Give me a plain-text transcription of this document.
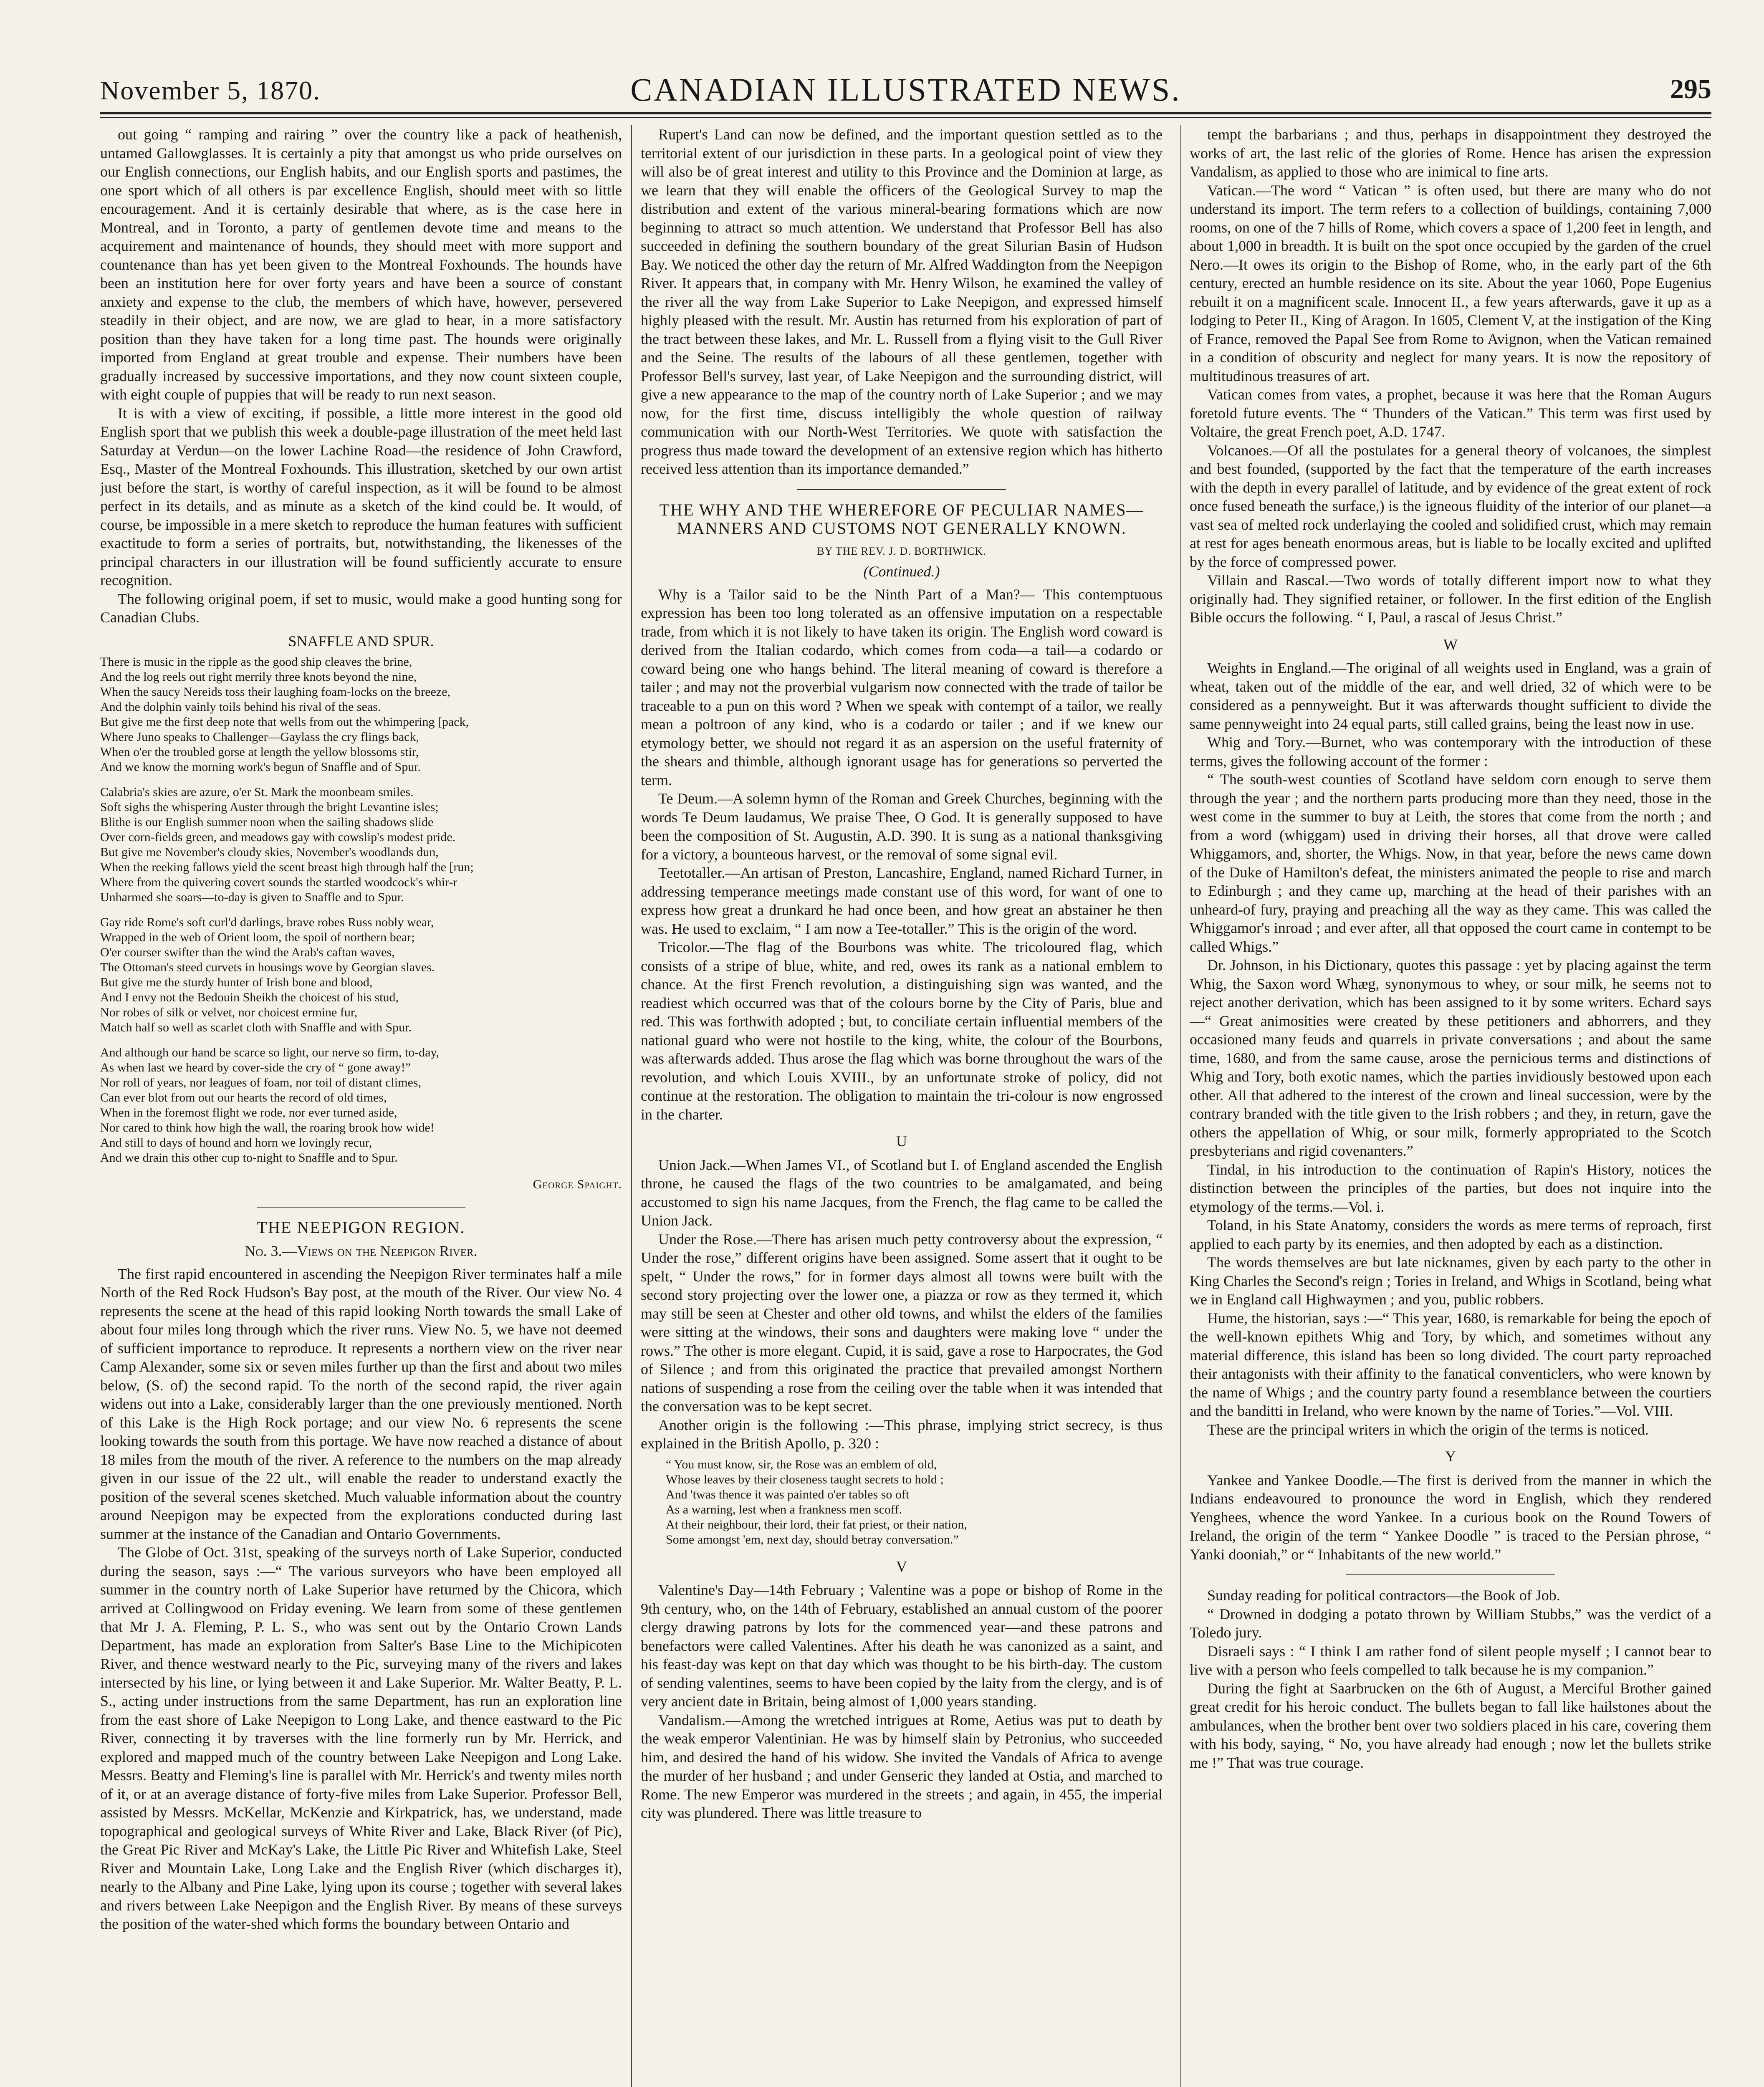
November 5, 1870.	CANADIAN ILLUSTRATED NEWS.	295

out going “ ramping and rairing ” over the country like a pack of heathenish, untamed Gallowglasses. It is certainly a pity that amongst us who pride ourselves on our English connections, our English habits, and our English sports and pastimes, the one sport which of all others is par excellence English, should meet with so little encouragement. And it is certainly desirable that where, as is the case here in Montreal, and in Toronto, a party of gentlemen devote time and means to the acquirement and maintenance of hounds, they should meet with more support and countenance than has yet been given to the Montreal Foxhounds. The hounds have been an institution here for over forty years and have been a source of constant anxiety and expense to the club, the members of which have, however, persevered steadily in their object, and are now, we are glad to hear, in a more satisfactory position than they have taken for a long time past. The hounds were originally imported from England at great trouble and expense. Their numbers have been gradually increased by successive importations, and they now count sixteen couple, with eight couple of puppies that will be ready to run next season.

It is with a view of exciting, if possible, a little more interest in the good old English sport that we publish this week a double-page illustration of the meet held last Saturday at Verdun—on the lower Lachine Road—the residence of John Crawford, Esq., Master of the Montreal Foxhounds. This illustration, sketched by our own artist just before the start, is worthy of careful inspection, as it will be found to be almost perfect in its details, and as minute as a sketch of the kind could be. It would, of course, be impossible in a mere sketch to reproduce the human features with sufficient exactitude to form a series of portraits, but, notwithstanding, the likenesses of the principal characters in our illustration will be found sufficiently accurate to ensure recognition.

The following original poem, if set to music, would make a good hunting song for Canadian Clubs.

SNAFFLE AND SPUR.
There is music in the ripple as the good ship cleaves the brine,
And the log reels out right merrily three knots beyond the nine,
When the saucy Nereids toss their laughing foam-locks on the breeze,
And the dolphin vainly toils behind his rival of the seas.
But give me the first deep note that wells from out the whimpering [pack,
Where Juno speaks to Challenger—Gaylass the cry flings back,
When o'er the troubled gorse at length the yellow blossoms stir,
And we know the morning work's begun of Snaffle and of Spur.
Calabria's skies are azure, o'er St. Mark the moonbeam smiles.
Soft sighs the whispering Auster through the bright Levantine isles;
Blithe is our English summer noon when the sailing shadows slide
Over corn-fields green, and meadows gay with cowslip's modest pride.
But give me November's cloudy skies, November's woodlands dun,
When the reeking fallows yield the scent breast high through half the [run;
Where from the quivering covert sounds the startled woodcock's whir-r
Unharmed she soars—to-day is given to Snaffle and to Spur.
Gay ride Rome's soft curl'd darlings, brave robes Russ nobly wear,
Wrapped in the web of Orient loom, the spoil of northern bear;
O'er courser swifter than the wind the Arab's caftan waves,
The Ottoman's steed curvets in housings wove by Georgian slaves.
But give me the sturdy hunter of Irish bone and blood,
And I envy not the Bedouin Sheikh the choicest of his stud,
Nor robes of silk or velvet, nor choicest ermine fur,
Match half so well as scarlet cloth with Snaffle and with Spur.
And although our hand be scarce so light, our nerve so firm, to-day,
As when last we heard by cover-side the cry of “ gone away!”
Nor roll of years, nor leagues of foam, nor toil of distant climes,
Can ever blot from out our hearts the record of old times,
When in the foremost flight we rode, nor ever turned aside,
Nor cared to think how high the wall, the roaring brook how wide!
And still to days of hound and horn we lovingly recur,
And we drain this other cup to-night to Snaffle and to Spur.
George Spaight.
THE NEEPIGON REGION.
No. 3.—Views on the Neepigon River.

The first rapid encountered in ascending the Neepigon River terminates half a mile North of the Red Rock Hudson's Bay post, at the mouth of the River. Our view No. 4 represents the scene at the head of this rapid looking North towards the small Lake of about four miles long through which the river runs. View No. 5, we have not deemed of sufficient importance to reproduce. It represents a northern view on the river near Camp Alexander, some six or seven miles further up than the first and about two miles below, (S. of) the second rapid. To the north of the second rapid, the river again widens out into a Lake, considerably larger than the one previously mentioned. North of this Lake is the High Rock portage; and our view No. 6 represents the scene looking towards the south from this portage. We have now reached a distance of about 18 miles from the mouth of the river. A reference to the numbers on the map already given in our issue of the 22 ult., will enable the reader to understand exactly the position of the several scenes sketched. Much valuable information about the country around Neepigon may be expected from the explorations conducted during last summer at the instance of the Canadian and Ontario Governments.

The Globe of Oct. 31st, speaking of the surveys north of Lake Superior, conducted during the season, says :—“ The various surveyors who have been employed all summer in the country north of Lake Superior have returned by the Chicora, which arrived at Collingwood on Friday evening. We learn from some of these gentlemen that Mr J. A. Fleming, P. L. S., who was sent out by the Ontario Crown Lands Department, has made an exploration from Salter's Base Line to the Michipicoten River, and thence westward nearly to the Pic, surveying many of the rivers and lakes intersected by his line, or lying between it and Lake Superior. Mr. Walter Beatty, P. L. S., acting under instructions from the same Department, has run an exploration line from the east shore of Lake Neepigon to Long Lake, and thence eastward to the Pic River, connecting it by traverses with the line formerly run by Mr. Herrick, and explored and mapped much of the country between Lake Neepigon and Long Lake. Messrs. Beatty and Fleming's line is parallel with Mr. Herrick's and twenty miles north of it, or at an average distance of forty-five miles from Lake Superior. Professor Bell, assisted by Messrs. McKellar, McKenzie and Kirkpatrick, has, we understand, made topographical and geological surveys of White River and Lake, Black River (of Pic), the Great Pic River and McKay's Lake, the Little Pic River and Whitefish Lake, Steel River and Mountain Lake, Long Lake and the English River (which discharges it), nearly to the Albany and Pine Lake, lying upon its course ; together with several lakes and rivers between Lake Neepigon and the English River. By means of these surveys the position of the water-shed which forms the boundary between Ontario and

Rupert's Land can now be defined, and the important question settled as to the territorial extent of our jurisdiction in these parts. In a geological point of view they will also be of great interest and utility to this Province and the Dominion at large, as we learn that they will enable the officers of the Geological Survey to map the distribution and extent of the various mineral-bearing formations which are now beginning to attract so much attention. We understand that Professor Bell has also succeeded in defining the southern boundary of the great Silurian Basin of Hudson Bay. We noticed the other day the return of Mr. Alfred Waddington from the Neepigon River. It appears that, in company with Mr. Henry Wilson, he examined the valley of the river all the way from Lake Superior to Lake Neepigon, and expressed himself highly pleased with the result. Mr. Austin has returned from his exploration of part of the tract between these lakes, and Mr. L. Russell from a flying visit to the Gull River and the Seine. The results of the labours of all these gentlemen, together with Professor Bell's survey, last year, of Lake Neepigon and the surrounding district, will give a new appearance to the map of the country north of Lake Superior ; and we may now, for the first time, discuss intelligibly the whole question of railway communication with our North-West Territories. We quote with satisfaction the progress thus made toward the development of an extensive region which has hitherto received less attention than its importance demanded.”

THE WHY AND THE WHEREFORE OF PECULIAR NAMES—MANNERS AND CUSTOMS NOT GENERALLY KNOWN.
BY THE REV. J. D. BORTHWICK.
(Continued.)

Why is a Tailor said to be the Ninth Part of a Man?— This contemptuous expression has been too long tolerated as an offensive imputation on a respectable trade, from which it is not likely to have taken its origin. The English word coward is derived from the Italian codardo, which comes from coda—a tail—a codardo or coward being one who hangs behind. The literal meaning of coward is therefore a tailer ; and may not the proverbial vulgarism now connected with the trade of tailor be traceable to a pun on this word ? When we speak with contempt of a tailor, we really mean a poltroon of any kind, who is a codardo or tailer ; and if we knew our etymology better, we should not regard it as an aspersion on the useful fraternity of the shears and thimble, although ignorant usage has for generations so perverted the term.

Te Deum.—A solemn hymn of the Roman and Greek Churches, beginning with the words Te Deum laudamus, We praise Thee, O God. It is generally supposed to have been the composition of St. Augustin, A.D. 390. It is sung as a national thanksgiving for a victory, a bounteous harvest, or the removal of some signal evil.

Teetotaller.—An artisan of Preston, Lancashire, England, named Richard Turner, in addressing temperance meetings made constant use of this word, for want of one to express how great a drunkard he had once been, and how great an abstainer he then was. He used to exclaim, “ I am now a Tee-totaller.” This is the origin of the word.

Tricolor.—The flag of the Bourbons was white. The tricoloured flag, which consists of a stripe of blue, white, and red, owes its rank as a national emblem to chance. At the first French revolution, a distinguishing sign was wanted, and the readiest which occurred was that of the colours borne by the City of Paris, blue and red. This was forthwith adopted ; but, to conciliate certain influential members of the national guard who were not hostile to the king, white, the colour of the Bourbons, was afterwards added. Thus arose the flag which was borne throughout the wars of the revolution, and which Louis XVIII., by an unfortunate stroke of policy, did not continue at the restoration. The obligation to maintain the tri-colour is now engrossed in the charter.

U

Union Jack.—When James VI., of Scotland but I. of England ascended the English throne, he caused the flags of the two countries to be amalgamated, and being accustomed to sign his name Jacques, from the French, the flag came to be called the Union Jack.

Under the Rose.—There has arisen much petty controversy about the expression, “ Under the rose,” different origins have been assigned. Some assert that it ought to be spelt, “ Under the rows,” for in former days almost all towns were built with the second story projecting over the lower one, a piazza or row as they termed it, which may still be seen at Chester and other old towns, and whilst the elders of the families were sitting at the windows, their sons and daughters were making love “ under the rows.” The other is more elegant. Cupid, it is said, gave a rose to Harpocrates, the God of Silence ; and from this originated the practice that prevailed amongst Northern nations of suspending a rose from the ceiling over the table when it was intended that the conversation was to be kept secret.

Another origin is the following :—This phrase, implying strict secrecy, is thus explained in the British Apollo, p. 320 :

“ You must know, sir, the Rose was an emblem of old,
Whose leaves by their closeness taught secrets to hold ;
And 'twas thence it was painted o'er tables so oft
As a warning, lest when a frankness men scoff.
At their neighbour, their lord, their fat priest, or their nation,
Some amongst 'em, next day, should betray conversation.”
V

Valentine's Day—14th February ; Valentine was a pope or bishop of Rome in the 9th century, who, on the 14th of February, established an annual custom of the poorer clergy drawing patrons by lots for the commenced year—and these patrons and benefactors were called Valentines. After his death he was canonized as a saint, and his feast-day was kept on that day which was thought to be his birth-day. The custom of sending valentines, seems to have been copied by the laity from the clergy, and is of very ancient date in Britain, being almost of 1,000 years standing.

Vandalism.—Among the wretched intrigues at Rome, Aetius was put to death by the weak emperor Valentinian. He was by himself slain by Petronius, who succeeded him, and desired the hand of his widow. She invited the Vandals of Africa to avenge the murder of her husband ; and under Genseric they landed at Ostia, and marched to Rome. The new Emperor was murdered in the streets ; and again, in 455, the imperial city was plundered. There was little treasure to

tempt the barbarians ; and thus, perhaps in disappointment they destroyed the works of art, the last relic of the glories of Rome. Hence has arisen the expression Vandalism, as applied to those who are inimical to fine arts.

Vatican.—The word “ Vatican ” is often used, but there are many who do not understand its import. The term refers to a collection of buildings, containing 7,000 rooms, on one of the 7 hills of Rome, which covers a space of 1,200 feet in length, and about 1,000 in breadth. It is built on the spot once occupied by the garden of the cruel Nero.—It owes its origin to the Bishop of Rome, who, in the early part of the 6th century, erected an humble residence on its site. About the year 1060, Pope Eugenius rebuilt it on a magnificent scale. Innocent II., a few years afterwards, gave it up as a lodging to Peter II., King of Aragon. In 1605, Clement V, at the instigation of the King of France, removed the Papal See from Rome to Avignon, when the Vatican remained in a condition of obscurity and neglect for many years. It is now the repository of multitudinous treasures of art.

Vatican comes from vates, a prophet, because it was here that the Roman Augurs foretold future events. The “ Thunders of the Vatican.” This term was first used by Voltaire, the great French poet, A.D. 1747.

Volcanoes.—Of all the postulates for a general theory of volcanoes, the simplest and best founded, (supported by the fact that the temperature of the earth increases with the depth in every parallel of latitude, and by evidence of the great extent of rock once fused beneath the surface,) is the igneous fluidity of the interior of our planet—a vast sea of melted rock underlaying the cooled and solidified crust, which may remain at rest for ages beneath enormous areas, but is liable to be locally excited and uplifted by the force of compressed power.

Villain and Rascal.—Two words of totally different import now to what they originally had. They signified retainer, or follower. In the first edition of the English Bible occurs the following. “ I, Paul, a rascal of Jesus Christ.”

W

Weights in England.—The original of all weights used in England, was a grain of wheat, taken out of the middle of the ear, and well dried, 32 of which were to be considered as a pennyweight. But it was afterwards thought sufficient to divide the same pennyweight into 24 equal parts, still called grains, being the least now in use.

Whig and Tory.—Burnet, who was contemporary with the introduction of these terms, gives the following account of the former :

“ The south-west counties of Scotland have seldom corn enough to serve them through the year ; and the northern parts producing more than they need, those in the west come in the summer to buy at Leith, the stores that come from the north ; and from a word (whiggam) used in driving their horses, all that drove were called Whiggamors, and, shorter, the Whigs. Now, in that year, before the news came down of the Duke of Hamilton's defeat, the ministers animated the people to rise and march to Edinburgh ; and they came up, marching at the head of their parishes with an unheard-of fury, praying and preaching all the way as they came. This was called the Whiggamor's inroad ; and ever after, all that opposed the court came in contempt to be called Whigs.”

Dr. Johnson, in his Dictionary, quotes this passage : yet by placing against the term Whig, the Saxon word Whæg, synonymous to whey, or sour milk, he seems not to reject another derivation, which has been assigned to it by some writers. Echard says—“ Great animosities were created by these petitioners and abhorrers, and they occasioned many feuds and quarrels in private conversations ; and about the same time, 1680, and from the same cause, arose the pernicious terms and distinctions of Whig and Tory, both exotic names, which the parties invidiously bestowed upon each other. All that adhered to the interest of the crown and lineal succession, were by the contrary branded with the title given to the Irish robbers ; and they, in return, gave the others the appellation of Whig, or sour milk, formerly appropriated to the Scotch presbyterians and rigid covenanters.”

Tindal, in his introduction to the continuation of Rapin's History, notices the distinction between the principles of the parties, but does not inquire into the etymology of the terms.—Vol. i.

Toland, in his State Anatomy, considers the words as mere terms of reproach, first applied to each party by its enemies, and then adopted by each as a distinction.

The words themselves are but late nicknames, given by each party to the other in King Charles the Second's reign ; Tories in Ireland, and Whigs in Scotland, being what we in England call Highwaymen ; and you, public robbers.

Hume, the historian, says :—“ This year, 1680, is remarkable for being the epoch of the well-known epithets Whig and Tory, by which, and sometimes without any material difference, this island has been so long divided. The court party reproached their antagonists with their affinity to the fanatical conventiclers, who were known by the name of Whigs ; and the country party found a resemblance between the courtiers and the banditti in Ireland, who were known by the name of Tories.”—Vol. VIII.

These are the principal writers in which the origin of the terms is noticed.

Y

Yankee and Yankee Doodle.—The first is derived from the manner in which the Indians endeavoured to pronounce the word in English, which they rendered Yenghees, whence the word Yankee. In a curious book on the Round Towers of Ireland, the origin of the term “ Yankee Doodle ” is traced to the Persian phrose, “ Yanki dooniah,” or “ Inhabitants of the new world.”

Sunday reading for political contractors—the Book of Job.

“ Drowned in dodging a potato thrown by William Stubbs,” was the verdict of a Toledo jury.

Disraeli says : “ I think I am rather fond of silent people myself ; I cannot bear to live with a person who feels compelled to talk because he is my companion.”

During the fight at Saarbrucken on the 6th of August, a Merciful Brother gained great credit for his heroic conduct. The bullets began to fall like hailstones about the ambulances, when the brother bent over two soldiers placed in his care, covering them with his body, saying, “ No, you have already had enough ; now let the bullets strike me !” That was true courage.
